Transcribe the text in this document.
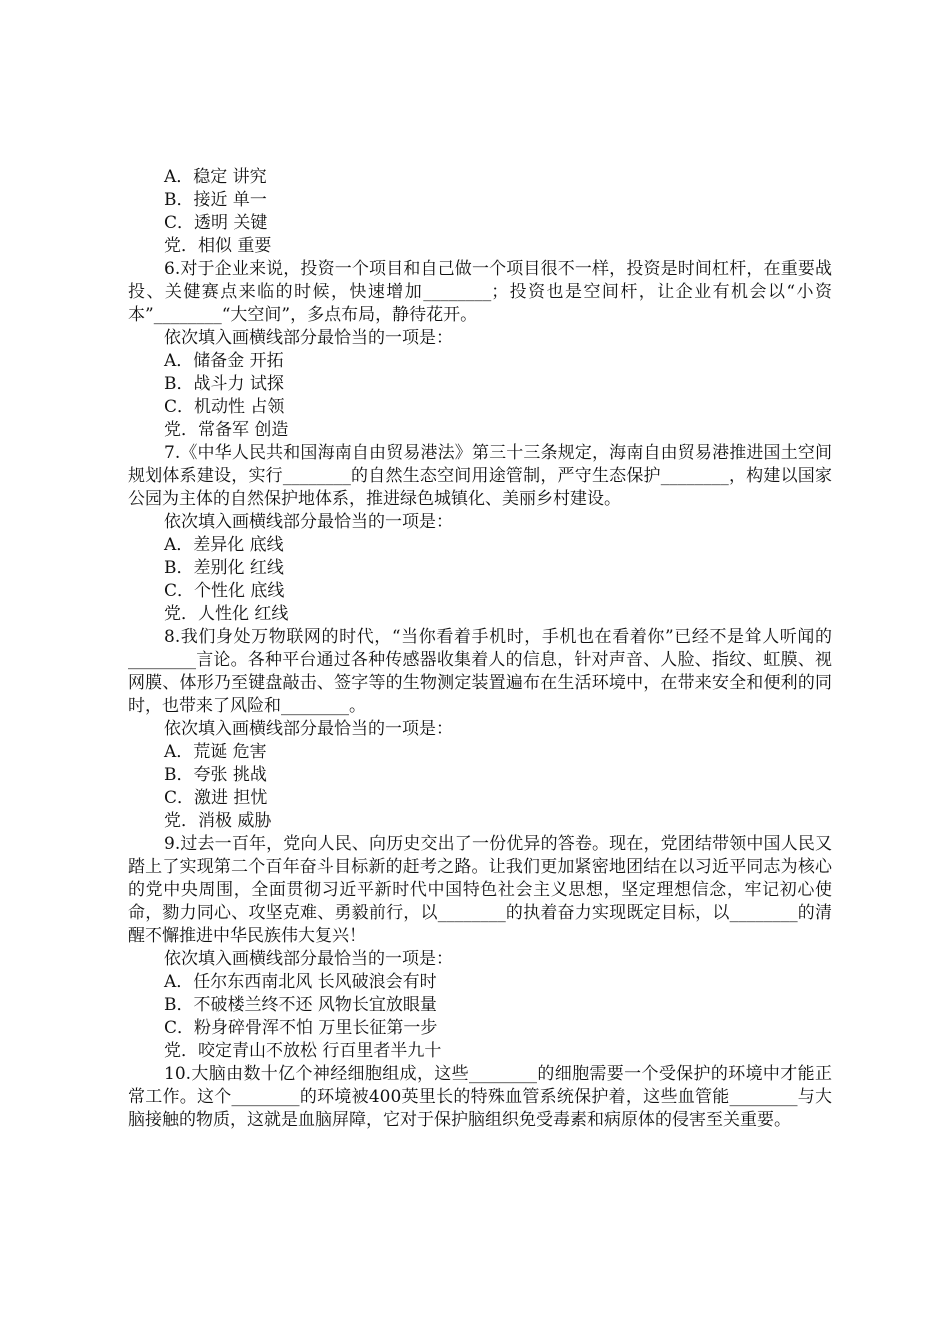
A．稳定 讲究
B．接近 单一
C．透明 关键
党．相似 重要
6.对于企业来说，投资一个项目和自己做一个项目很不一样，投资是时间杠杆，在重要战投、关健赛点来临的时候，快速增加________；投资也是空间杆，让企业有机会以“小资本”________“大空间”，多点布局，静待花开。
依次填入画横线部分最恰当的一项是：
A．储备金 开拓
B．战斗力 试探
C．机动性 占领
党．常备军 创造
7.《中华人民共和国海南自由贸易港法》第三十三条规定，海南自由贸易港推进国土空间规划体系建设，实行________的自然生态空间用途管制，严守生态保护________，构建以国家公园为主体的自然保护地体系，推进绿色城镇化、美丽乡村建设。
依次填入画横线部分最恰当的一项是：
A．差异化 底线
B．差别化 红线
C．个性化 底线
党．人性化 红线
8.我们身处万物联网的时代，“当你看着手机时，手机也在看着你”已经不是耸人听闻的________言论。各种平台通过各种传感器收集着人的信息，针对声音、人脸、指纹、虹膜、视网膜、体形乃至键盘敲击、签字等的生物测定装置遍布在生活环境中，在带来安全和便利的同时，也带来了风险和________。
依次填入画横线部分最恰当的一项是：
A．荒诞 危害
B．夸张 挑战
C．激进 担忧
党．消极 威胁
9.过去一百年，党向人民、向历史交出了一份优异的答卷。现在，党团结带领中国人民又踏上了实现第二个百年奋斗目标新的赶考之路。让我们更加紧密地团结在以习近平同志为核心的党中央周围，全面贯彻习近平新时代中国特色社会主义思想，坚定理想信念，牢记初心使命，勠力同心、攻坚克难、勇毅前行，以________的执着奋力实现既定目标，以________的清醒不懈推进中华民族伟大复兴！
依次填入画横线部分最恰当的一项是：
A．任尔东西南北风 长风破浪会有时
B．不破楼兰终不还 风物长宜放眼量
C．粉身碎骨浑不怕 万里长征第一步
党．咬定青山不放松 行百里者半九十
10.大脑由数十亿个神经细胞组成，这些________的细胞需要一个受保护的环境中才能正常工作。这个________的环境被400英里长的特殊血管系统保护着，这些血管能________与大脑接触的物质，这就是血脑屏障，它对于保护脑组织免受毒素和病原体的侵害至关重要。
